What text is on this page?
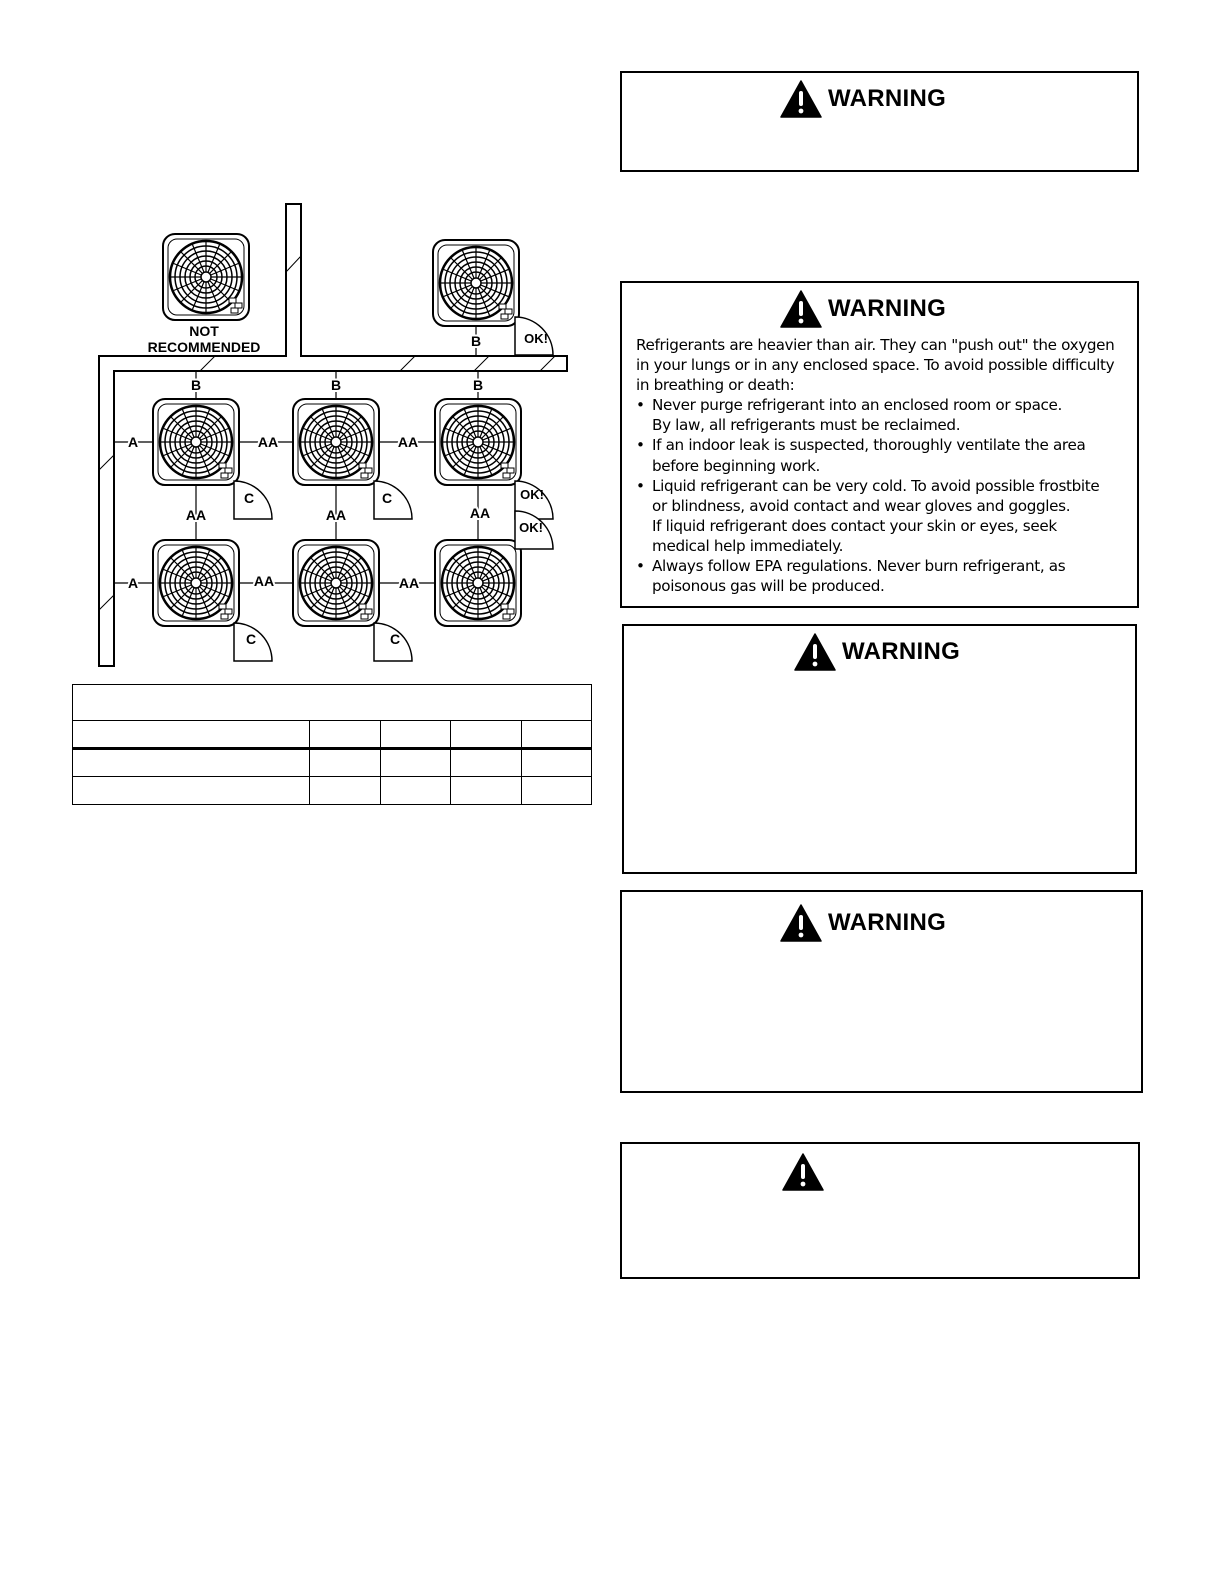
NOT
RECOMMENDED	B
B	B	B
A
A
AA	AA
AA	AA
AA	AA	AA
C	C
C	C
OK!
OK!
OK!

WARNING
WARNING

Refrigerants are heavier than air. They can "push out" the oxygen

in your lungs or in any enclosed space. To avoid possible difficulty

in breathing or death:

• Never purge refrigerant into an enclosed room or space.

By law, all refrigerants must be reclaimed.

• If an indoor leak is suspected, thoroughly ventilate the area
before beginning work.
• Liquid refrigerant can be very cold. To avoid possible frostbite
or blindness, avoid contact and wear gloves and goggles.

If liquid refrigerant does contact your skin or eyes, seek

medical help immediately.

• Always follow EPA regulations. Never burn refrigerant, as
poisonous gas will be produced.
WARNING
WARNING
